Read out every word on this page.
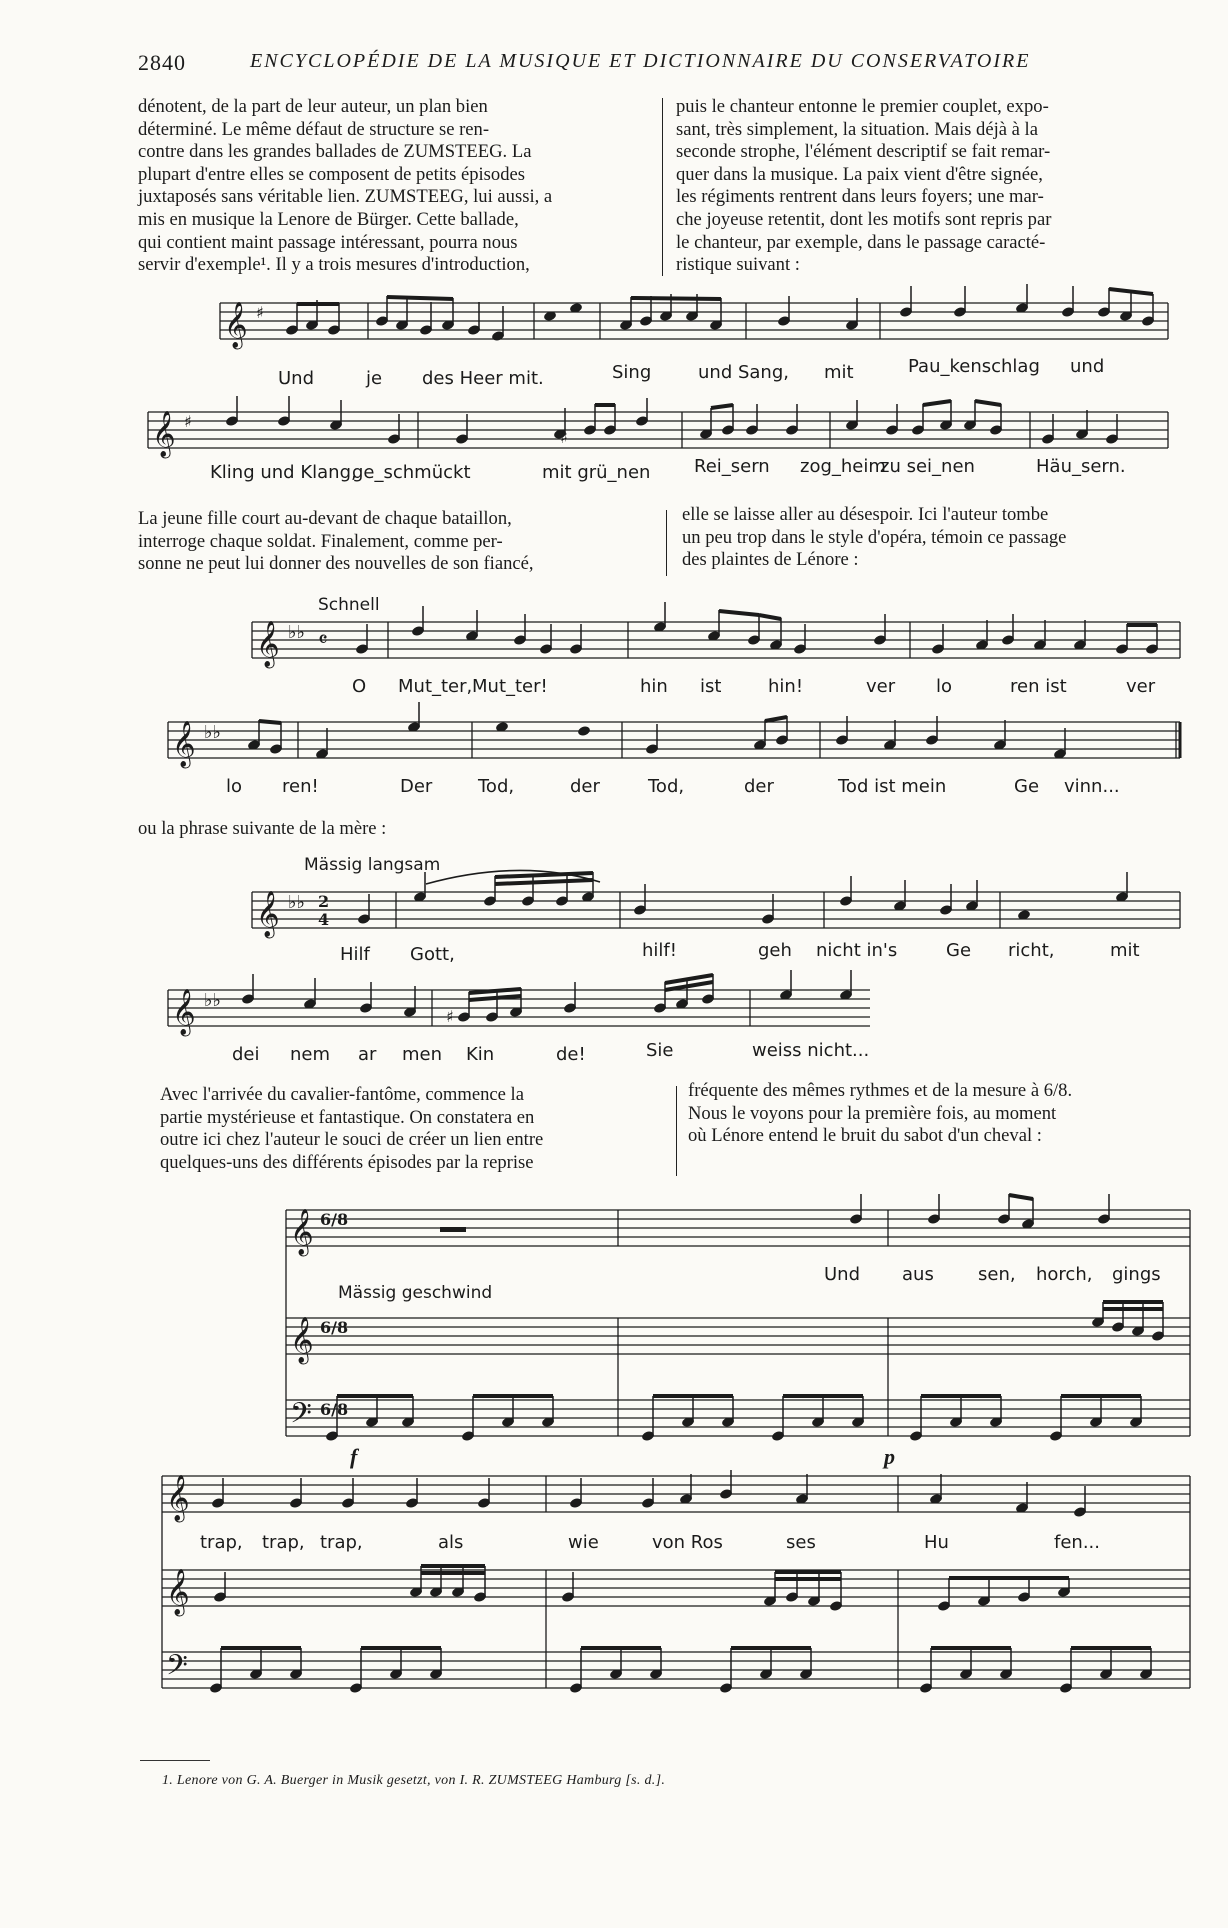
2840	ENCYCLOPÉDIE DE LA MUSIQUE ET DICTIONNAIRE DU CONSERVATOIRE

dénotent, de la part de leur auteur, un plan bien

déterminé. Le même défaut de structure se ren-

contre dans les grandes ballades de ZUMSTEEG. La

plupart d'entre elles se composent de petits épisodes

juxtaposés sans véritable lien. ZUMSTEEG, lui aussi, a

mis en musique la Lenore de Bürger. Cette ballade,

qui contient maint passage intéressant, pourra nous

servir d'exemple¹. Il y a trois mesures d'introduction,

puis le chanteur entonne le premier couplet, expo-

sant, très simplement, la situation. Mais déjà à la

seconde strophe, l'élément descriptif se fait remar-

quer dans la musique. La paix vient d'être signée,

les régiments rentrent dans leurs foyers; une mar-

che joyeuse retentit, dont les motifs sont repris par

le chanteur, par exemple, dans le passage caracté-

ristique suivant :

𝄞 ♯
Und	je des Heer mit.	Sing	und Sang, mit	Pau_kenschlag und
𝄞 ♯
♯
Kling und Klang,
ge_schmückt	mit grü_nen Rei_sern zog_heim
zu sei_nen	Häu_sern.
Schnell
𝄞 ♭♭ 𝄴
O Mut_ter, Mut_ter!	hin ist	hin!	ver lo	ren ist	ver
𝄞 ♭♭
lo ren!	Der	Tod,	der	Tod,	der	Tod ist mein	Ge vinn...
Mässig langsam
𝄞 ♭♭ 2
4
Hilf Gott,	hilf!	geh nicht in's	Ge richt,	mit
𝄞 ♭♭
♯
dei nem ar men Kin	de!	Sie	weiss nicht...
𝄞
𝄞
𝄢
6/8
6/8
6/8
f	p
Und aus sen, horch, gings
Mässig geschwind
𝄞
𝄞
𝄢
trap, trap, trap,	als	wie	von Ros	ses	Hu	fen...

La jeune fille court au-devant de chaque bataillon,

interroge chaque soldat. Finalement, comme per-

sonne ne peut lui donner des nouvelles de son fiancé,

elle se laisse aller au désespoir. Ici l'auteur tombe

un peu trop dans le style d'opéra, témoin ce passage

des plaintes de Lénore :

ou la phrase suivante de la mère :

Avec l'arrivée du cavalier-fantôme, commence la

partie mystérieuse et fantastique. On constatera en

outre ici chez l'auteur le souci de créer un lien entre

quelques-uns des différents épisodes par la reprise

fréquente des mêmes rythmes et de la mesure à 6/8.

Nous le voyons pour la première fois, au moment

où Lénore entend le bruit du sabot d'un cheval :

1. Lenore von G. A. Buerger in Musik gesetzt, von I. R. ZUMSTEEG Hamburg [s. d.].
